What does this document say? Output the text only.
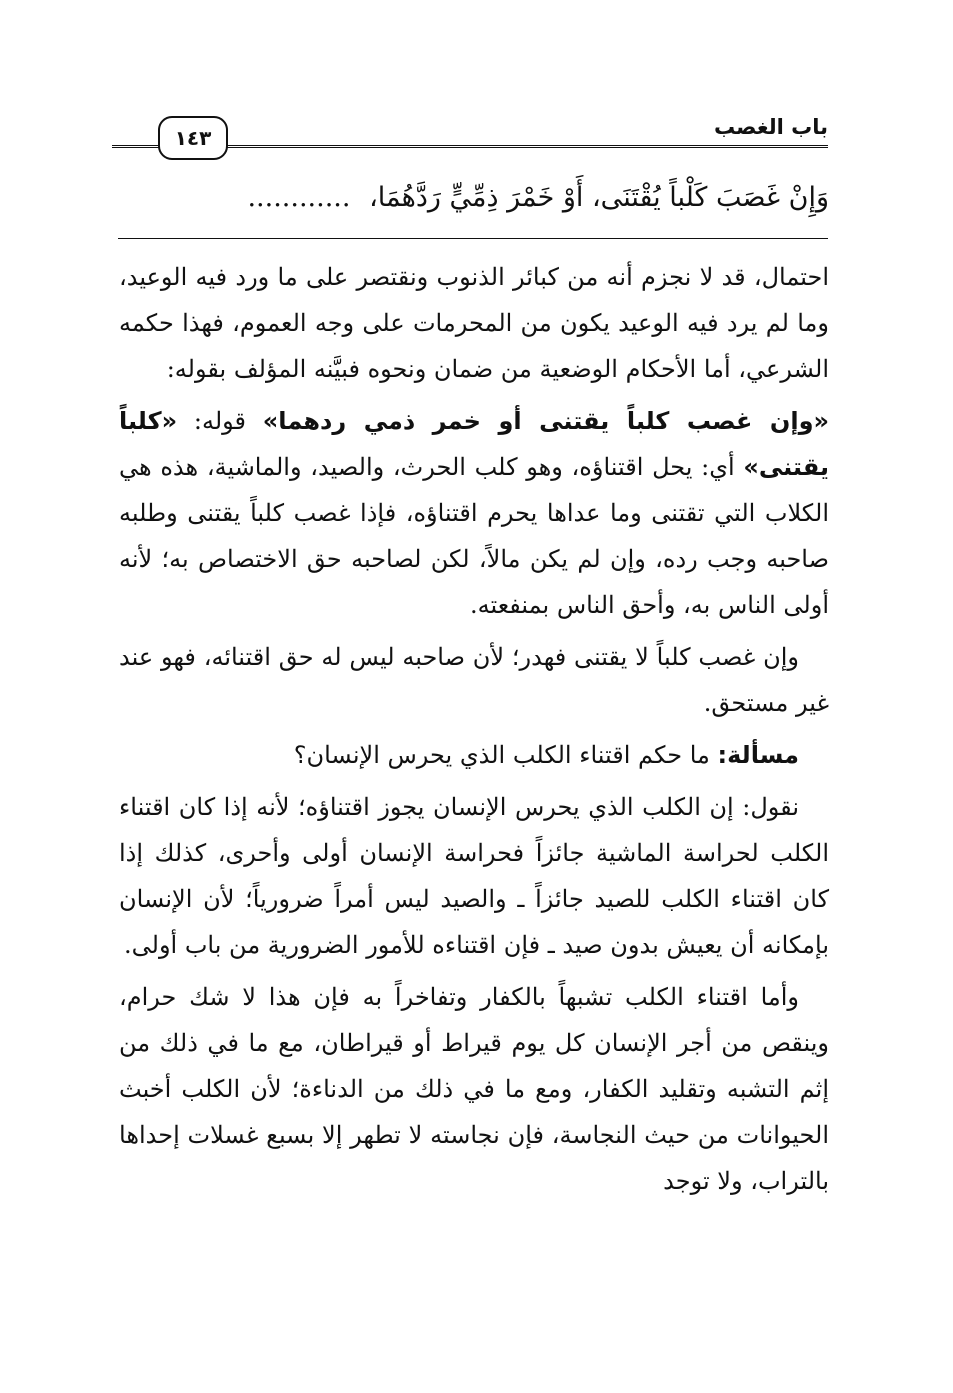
باب الغصب
١٤٣
وَإِنْ غَصَبَ كَلْباً يُقْتَنَى، أَوْ خَمْرَ ذِمِّيٍّ رَدَّهُمَا، ............

احتمال، قد لا نجزم أنه من كبائر الذنوب ونقتصر على ما ورد فيه الوعيد، وما لم يرد فيه الوعيد يكون من المحرمات على وجه العموم، فهذا حكمه الشرعي، أما الأحكام الوضعية من ضمان ونحوه فبيَّنه المؤلف بقوله:

«وإن غصب كلباً يقتنى أو خمر ذمي ردهما» قوله: «كلباً يقتنى» أي: يحل اقتناؤه، وهو كلب الحرث، والصيد، والماشية، هذه هي الكلاب التي تقتنى وما عداها يحرم اقتناؤه، فإذا غصب كلباً يقتنى وطلبه صاحبه وجب رده، وإن لم يكن مالاً، لكن لصاحبه حق الاختصاص به؛ لأنه أولى الناس به، وأحق الناس بمنفعته.

وإن غصب كلباً لا يقتنى فهدر؛ لأن صاحبه ليس له حق اقتنائه، فهو عند غير مستحق.

مسألة: ما حكم اقتناء الكلب الذي يحرس الإنسان؟

نقول: إن الكلب الذي يحرس الإنسان يجوز اقتناؤه؛ لأنه إذا كان اقتناء الكلب لحراسة الماشية جائزاً فحراسة الإنسان أولى وأحرى، كذلك إذا كان اقتناء الكلب للصيد جائزاً ـ والصيد ليس أمراً ضرورياً؛ لأن الإنسان بإمكانه أن يعيش بدون صيد ـ فإن اقتناءه للأمور الضرورية من باب أولى.

وأما اقتناء الكلب تشبهاً بالكفار وتفاخراً به فإن هذا لا شك حرام، وينقص من أجر الإنسان كل يوم قيراط أو قيراطان، مع ما في ذلك من إثم التشبه وتقليد الكفار، ومع ما في ذلك من الدناءة؛ لأن الكلب أخبث الحيوانات من حيث النجاسة، فإن نجاسته لا تطهر إلا بسبع غسلات إحداها بالتراب، ولا توجد
